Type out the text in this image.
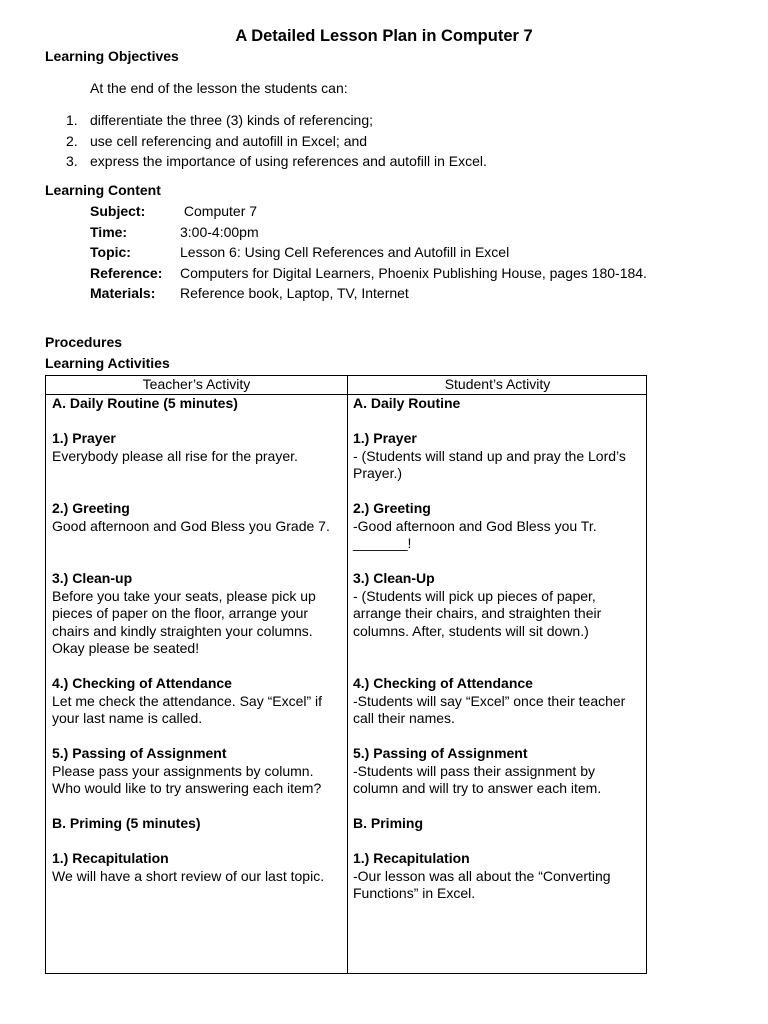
A Detailed Lesson Plan in Computer 7
Learning Objectives
At the end of the lesson the students can:
1. differentiate the three (3) kinds of referencing;
2. use cell referencing and autofill in Excel; and
3. express the importance of using references and autofill in Excel.
Learning Content
Subject:	Computer 7
Time:	3:00-4:00pm
Topic:	Lesson 6: Using Cell References and Autofill in Excel
Reference:	Computers for Digital Learners, Phoenix Publishing House, pages 180-184.
Materials:	Reference book, Laptop, TV, Internet
Procedures
Learning Activities
Teacher’s Activity	Student’s Activity
A. Daily Routine (5 minutes)
1.) Prayer
Everybody please all rise for the prayer.
2.) Greeting
Good afternoon and God Bless you Grade 7.
3.) Clean-up
Before you take your seats, please pick up
pieces of paper on the floor, arrange your
chairs and kindly straighten your columns.
Okay please be seated!
4.) Checking of Attendance
Let me check the attendance. Say “Excel” if
your last name is called.
5.) Passing of Assignment
Please pass your assignments by column.
Who would like to try answering each item?
B. Priming (5 minutes)
1.) Recapitulation
We will have a short review of our last topic.
A. Daily Routine
1.) Prayer
- (Students will stand up and pray the Lord’s
Prayer.)
2.) Greeting
-Good afternoon and God Bless you Tr.
_______!
3.) Clean-Up
- (Students will pick up pieces of paper,
arrange their chairs, and straighten their
columns. After, students will sit down.)
4.) Checking of Attendance
-Students will say “Excel” once their teacher
call their names.
5.) Passing of Assignment
-Students will pass their assignment by
column and will try to answer each item.
B. Priming
1.) Recapitulation
-Our lesson was all about the “Converting
Functions” in Excel.
